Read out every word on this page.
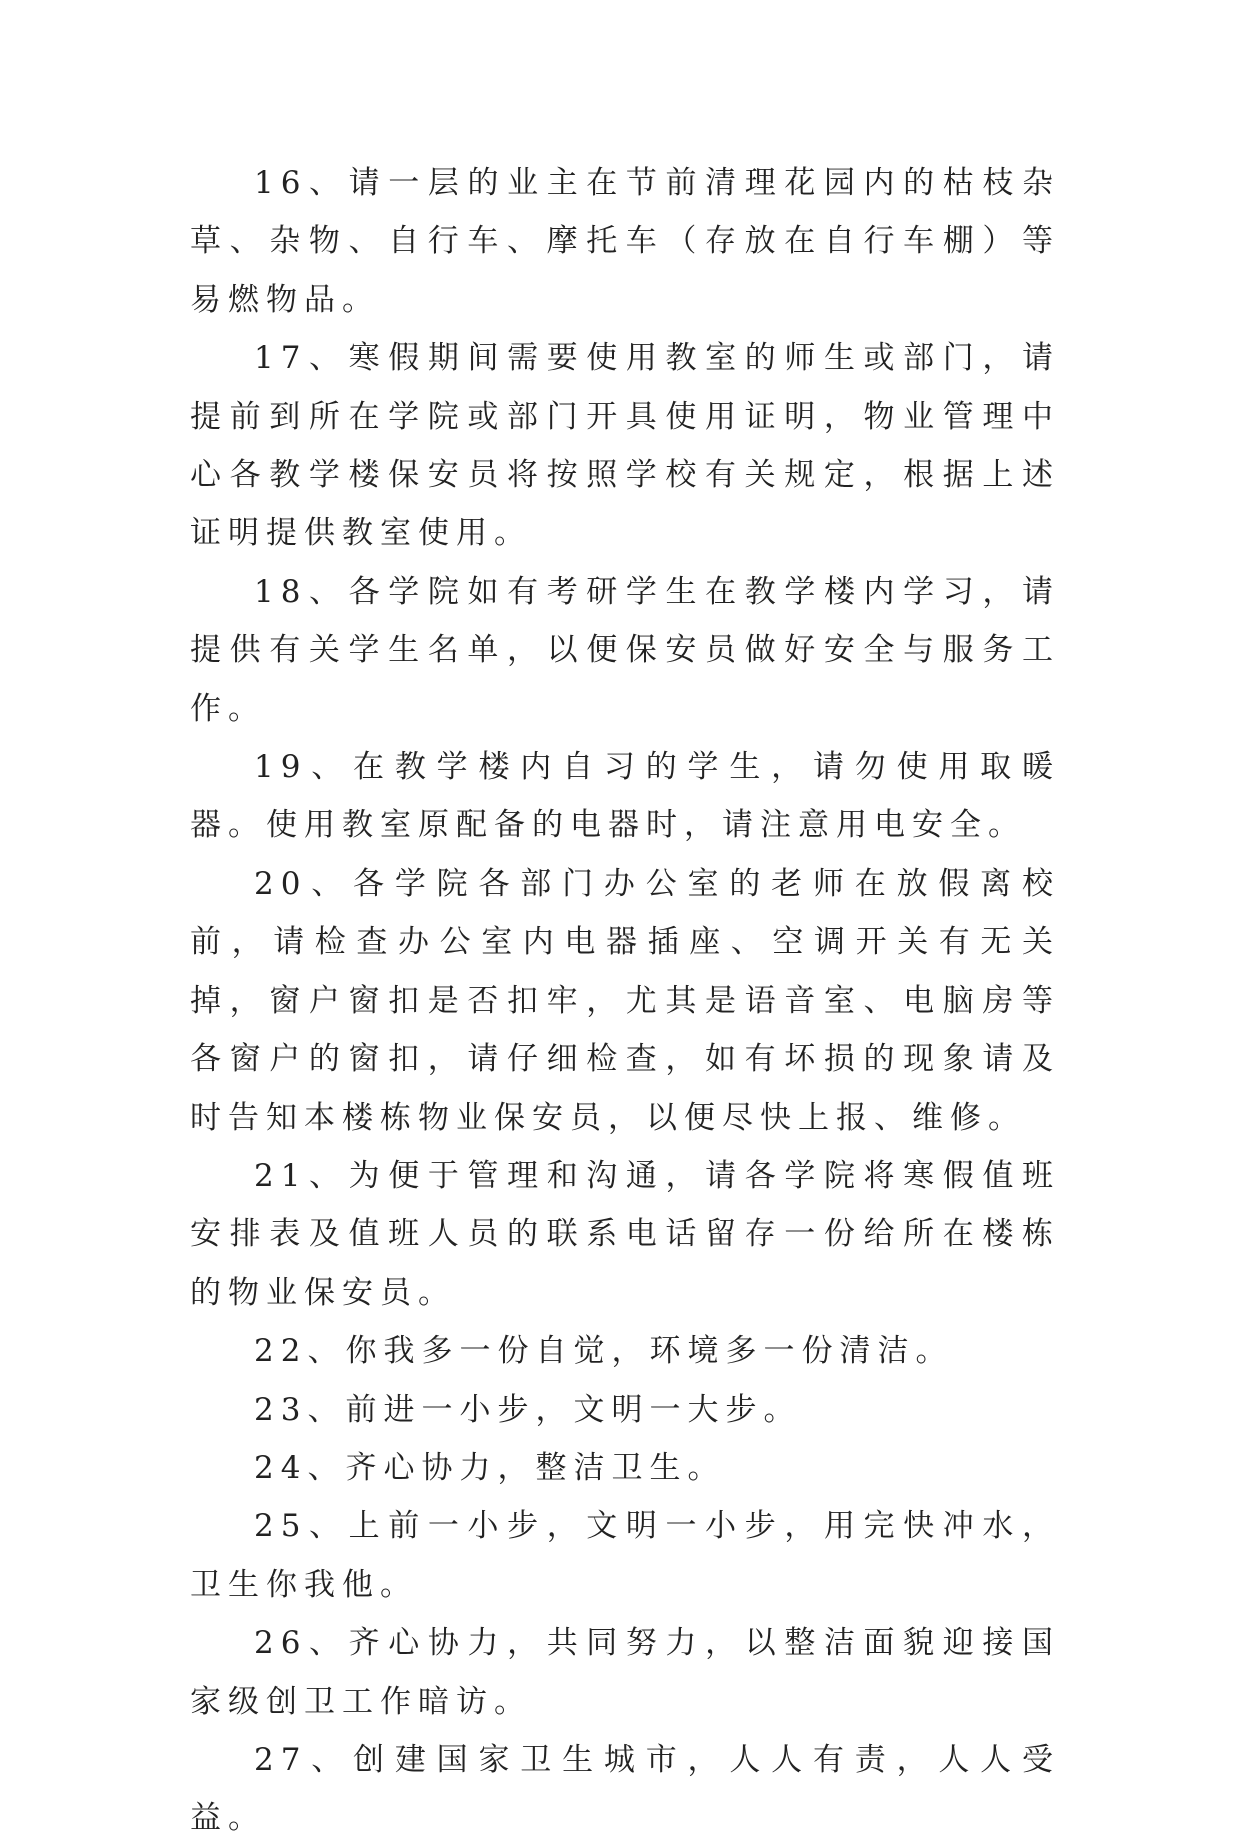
16、请一层的业主在节前清理花园内的枯枝杂草、杂物、自行车、摩托车（存放在自行车棚）等易燃物品。

17、寒假期间需要使用教室的师生或部门，请提前到所在学院或部门开具使用证明，物业管理中心各教学楼保安员将按照学校有关规定，根据上述证明提供教室使用。

18、各学院如有考研学生在教学楼内学习，请提供有关学生名单，以便保安员做好安全与服务工作。

19、在教学楼内自习的学生，请勿使用取暖器。使用教室原配备的电器时，请注意用电安全。

20、各学院各部门办公室的老师在放假离校前，请检查办公室内电器插座、空调开关有无关掉，窗户窗扣是否扣牢，尤其是语音室、电脑房等各窗户的窗扣，请仔细检查，如有坏损的现象请及时告知本楼栋物业保安员，以便尽快上报、维修。

21、为便于管理和沟通，请各学院将寒假值班安排表及值班人员的联系电话留存一份给所在楼栋的物业保安员。

22、你我多一份自觉，环境多一份清洁。

23、前进一小步，文明一大步。

24、齐心协力，整洁卫生。

25、上前一小步，文明一小步，用完快冲水，卫生你我他。

26、齐心协力，共同努力，以整洁面貌迎接国家级创卫工作暗访。

27、创建国家卫生城市，人人有责，人人受益。
